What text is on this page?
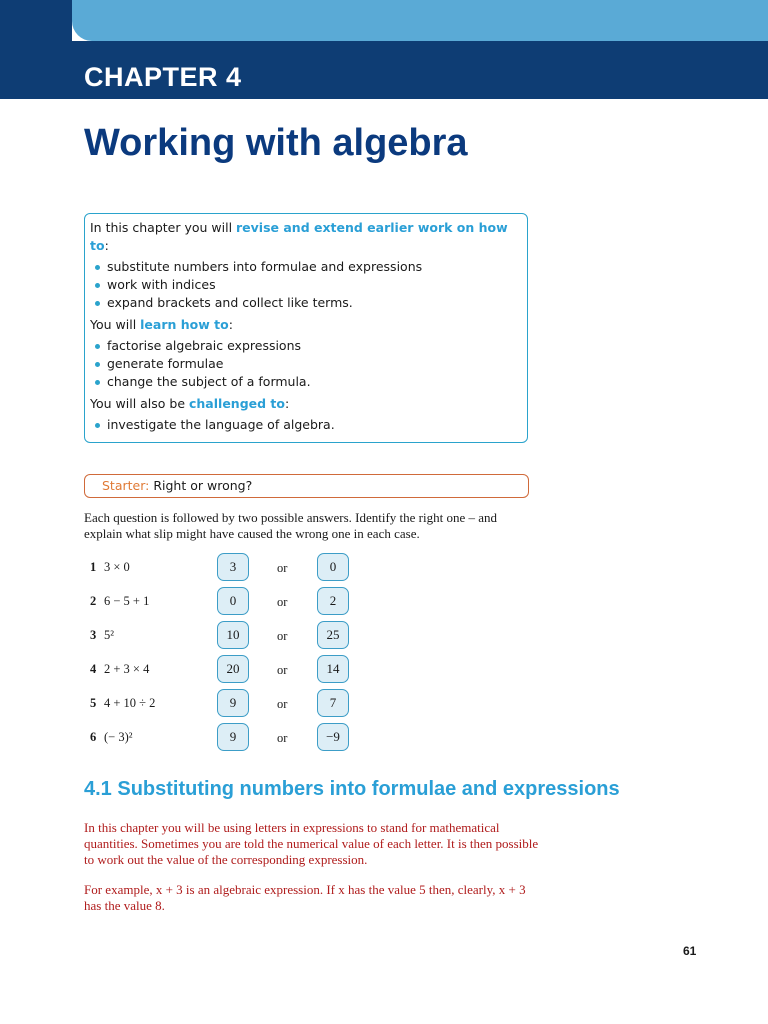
CHAPTER 4
Working with algebra

In this chapter you will revise and extend earlier work on how to:

substitute numbers into formulae and expressions
work with indices
expand brackets and collect like terms.

You will learn how to:

factorise algebraic expressions
generate formulae
change the subject of a formula.

You will also be challenged to:

investigate the language of algebra.
Starter: Right or wrong?

Each question is followed by two possible answers. Identify the right one – and explain what slip might have caused the wrong one in each case.

1 3 × 0	3	or	0
2 6 − 5 + 1	0	or	2
3 5²	10	or	25
4 2 + 3 × 4	20	or	14
5 4 + 10 ÷ 2	9	or	7
6 (− 3)²	9	or	−9
4.1 Substituting numbers into formulae and expressions

In this chapter you will be using letters in expressions to stand for mathematical quantities. Sometimes you are told the numerical value of each letter. It is then possible to work out the value of the corresponding expression.

For example, x + 3 is an algebraic expression. If x has the value 5 then, clearly, x + 3 has the value 8.

61
